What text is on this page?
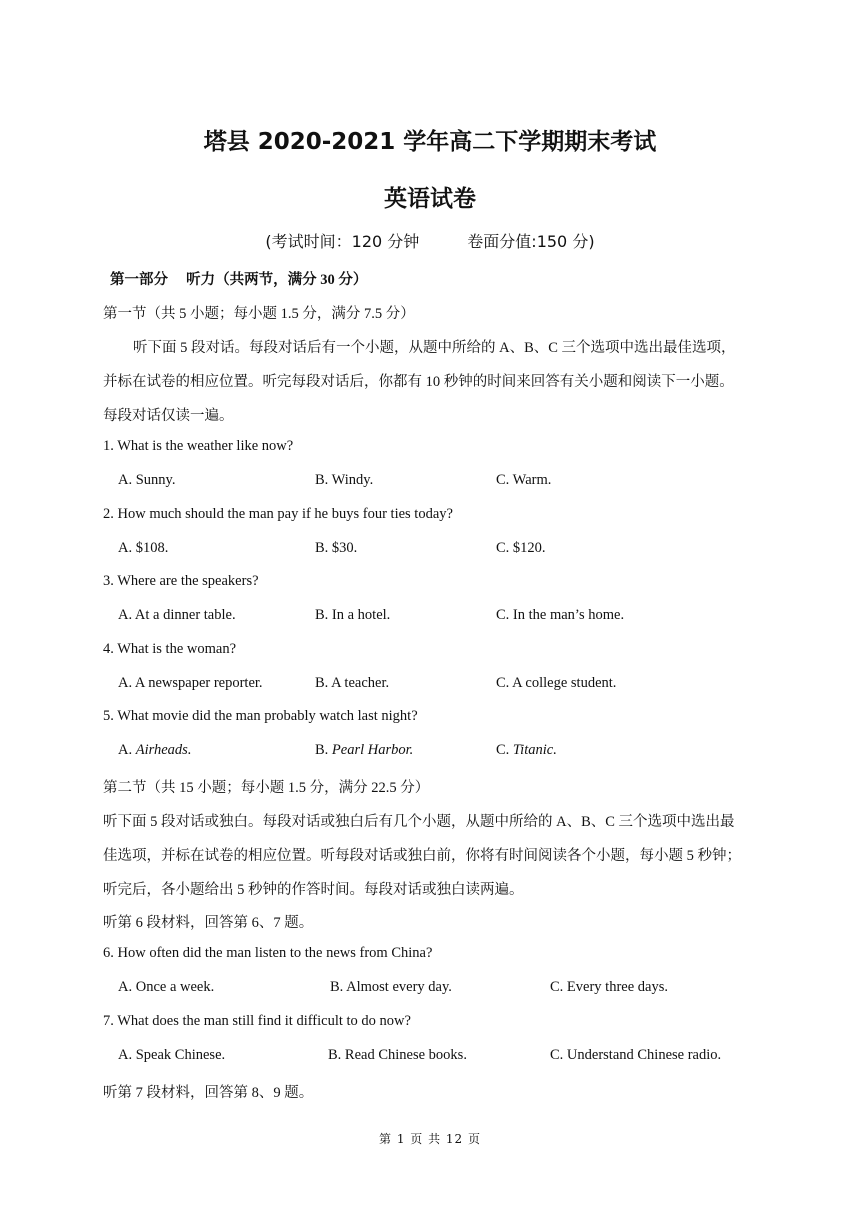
塔县 2020-2021 学年高二下学期期末考试
英语试卷
(考试时间：120 分钟	卷面分值:150 分)
第一部分　 听力（共两节，满分 30 分）
第一节（共 5 小题；每小题 1.5 分，满分 7.5 分）
听下面 5 段对话。每段对话后有一个小题，从题中所给的 A、B、C 三个选项中选出最佳选项，
并标在试卷的相应位置。听完每段对话后，你都有 10 秒钟的时间来回答有关小题和阅读下一小题。
每段对话仅读一遍。
1. What is the weather like now?
A. Sunny.	B. Windy.	C. Warm.
2. How much should the man pay if he buys four ties today?
A. $108.	B. $30.	C. $120.
3. Where are the speakers?
A. At a dinner table.	B. In a hotel.	C. In the man’s home.
4. What is the woman?
A. A newspaper reporter.	B. A teacher.	C. A college student.
5. What movie did the man probably watch last night?
A. Airheads.	B. Pearl Harbor.	C. Titanic.
第二节（共 15 小题；每小题 1.5 分，满分 22.5 分）
听下面 5 段对话或独白。每段对话或独白后有几个小题，从题中所给的 A、B、C 三个选项中选出最
佳选项，并标在试卷的相应位置。听每段对话或独白前，你将有时间阅读各个小题，每小题 5 秒钟；
听完后，各小题给出 5 秒钟的作答时间。每段对话或独白读两遍。
听第 6 段材料，回答第 6、7 题。
6. How often did the man listen to the news from China?
A. Once a week.	B. Almost every day.	C. Every three days.
7. What does the man still find it difficult to do now?
A. Speak Chinese.	B. Read Chinese books.	C. Understand Chinese radio.
听第 7 段材料，回答第 8、9 题。
第 1 页 共 12 页
